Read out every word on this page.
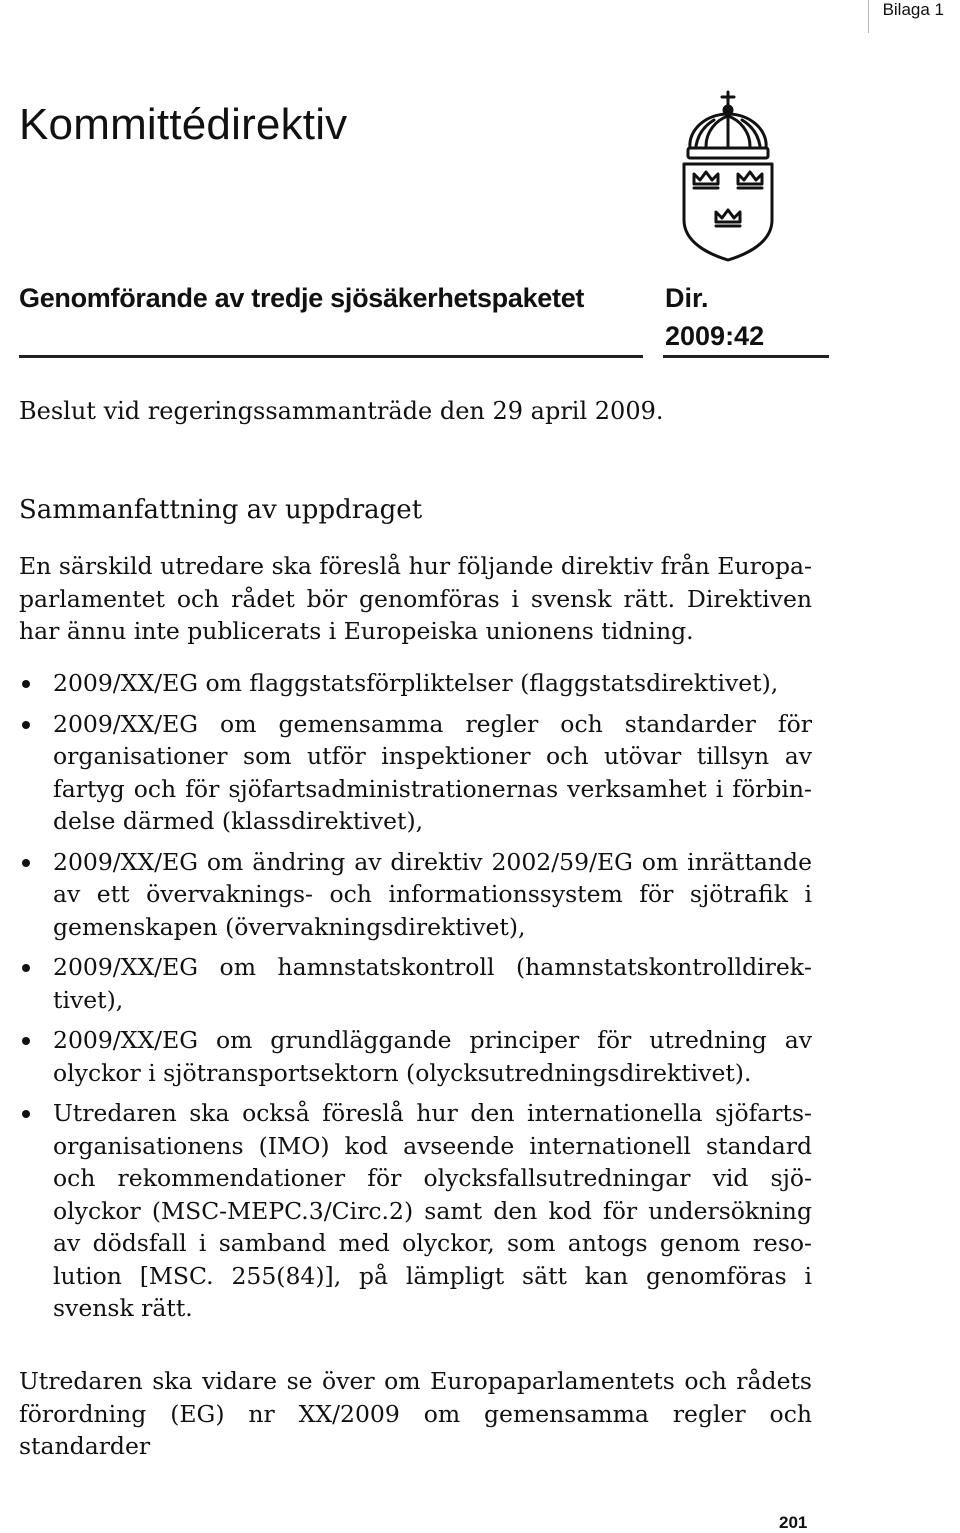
Bilaga 1
Kommittédirektiv
Genomförande av tredje sjösäkerhetspaketet	Dir.
2009:42
Beslut vid regeringssammanträde den 29 april 2009.
Sammanfattning av uppdraget
En särskild utredare ska föreslå hur följande direktiv från Europaparlamentet och rådet bör genomföras i svensk rätt. Direktiven har ännu inte publicerats i Europeiska unionens tidning.
2009/XX/EG om flaggstatsförpliktelser (flaggstatsdirektivet),
2009/XX/EG om gemensamma regler och standarder för organisationer som utför inspektioner och utövar tillsyn av fartyg och för sjöfartsadministrationernas verksamhet i förbindelse därmed (klassdirektivet),
2009/XX/EG om ändring av direktiv 2002/59/EG om inrättande av ett övervaknings- och informationssystem för sjötrafik i gemenskapen (övervakningsdirektivet),
2009/XX/EG om hamnstatskontroll (hamnstatskontrolldirektivet),
2009/XX/EG om grundläggande principer för utredning av olyckor i sjötransportsektorn (olycksutredningsdirektivet).
Utredaren ska också föreslå hur den internationella sjöfartsorganisationens (IMO) kod avseende internationell standard och rekommendationer för olycksfallsutredningar vid sjöolyckor (MSC-MEPC.3/Circ.2) samt den kod för undersökning av dödsfall i samband med olyckor, som antogs genom resolution [MSC. 255(84)], på lämpligt sätt kan genomföras i svensk rätt.
Utredaren ska vidare se över om Europaparlamentets och rådets förordning (EG) nr XX/2009 om gemensamma regler och standarder
201
